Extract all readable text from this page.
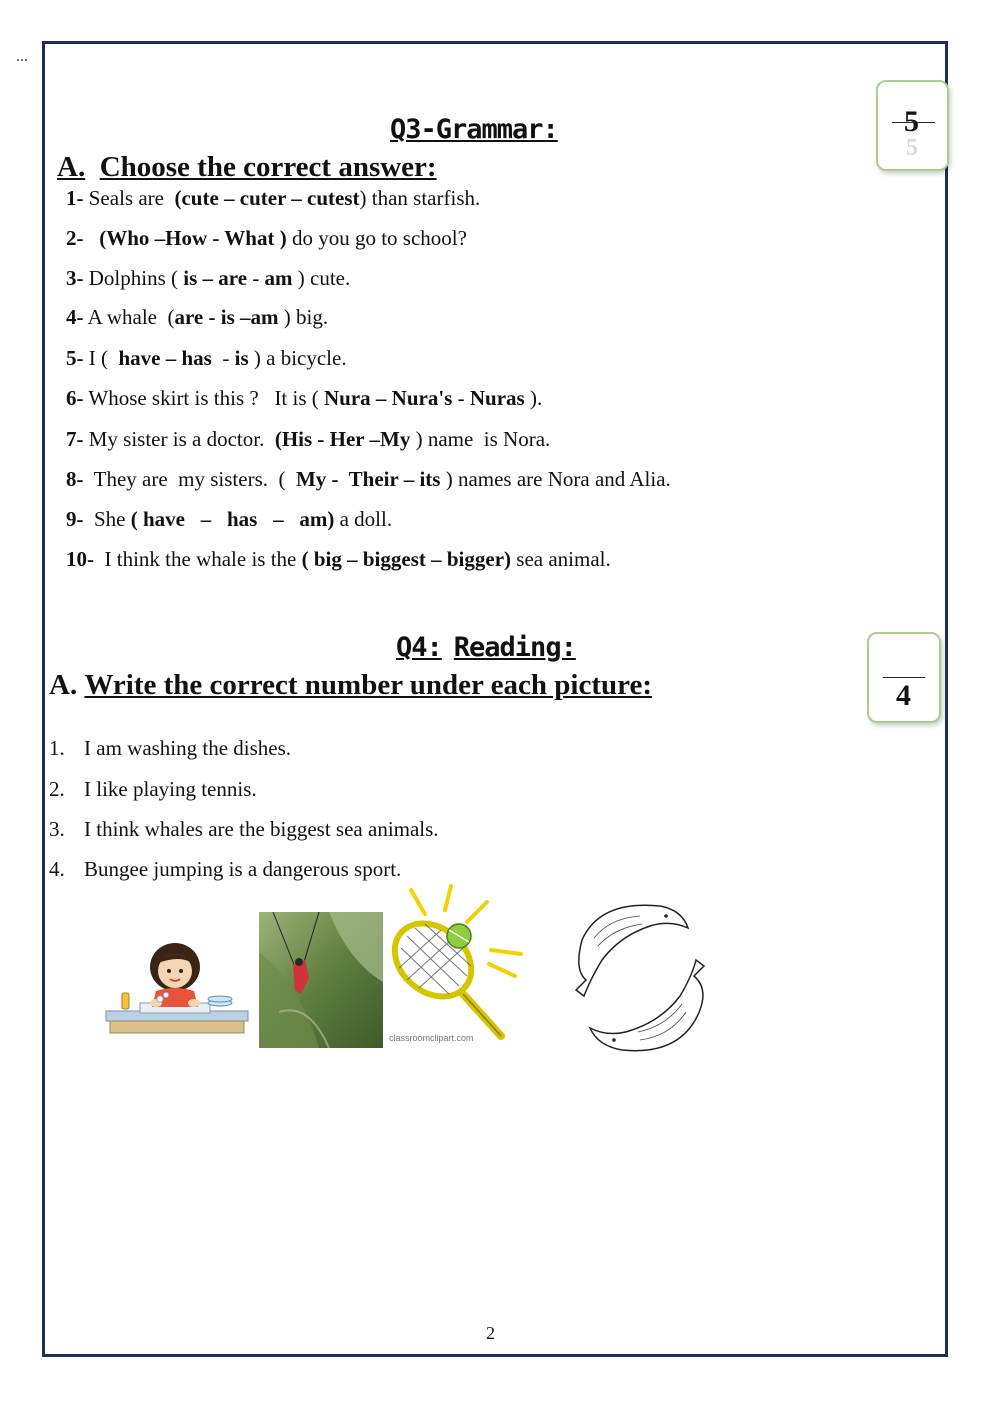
...
Q3-Grammar:
A. Choose the correct answer:
5
5
1- Seals are  (cute – cuter – cutest) than starfish.
2- (Who –How - What ) do you go to school?
3- Dolphins ( is – are - am ) cute.
4- A whale  (are - is –am ) big.
5- I (  have – has  - is ) a bicycle.
6- Whose skirt is this ?   It is ( Nura – Nura's - Nuras ).
7- My sister is a doctor.  (His - Her –My ) name  is Nora.
8-  They are  my sisters.  (  My -  Their – its ) names are Nora and Alia.
9-  She ( have   –   has   –   am) a doll.
10-  I think the whale is the ( big – biggest – bigger) sea animal.
Q4: Reading:
A. Write the correct number under each picture:	4
1. I am washing the dishes.
2. I like playing tennis.
3. I think whales are the biggest sea animals.
4. Bungee jumping is a dangerous sport.
classroomclipart.com
2
